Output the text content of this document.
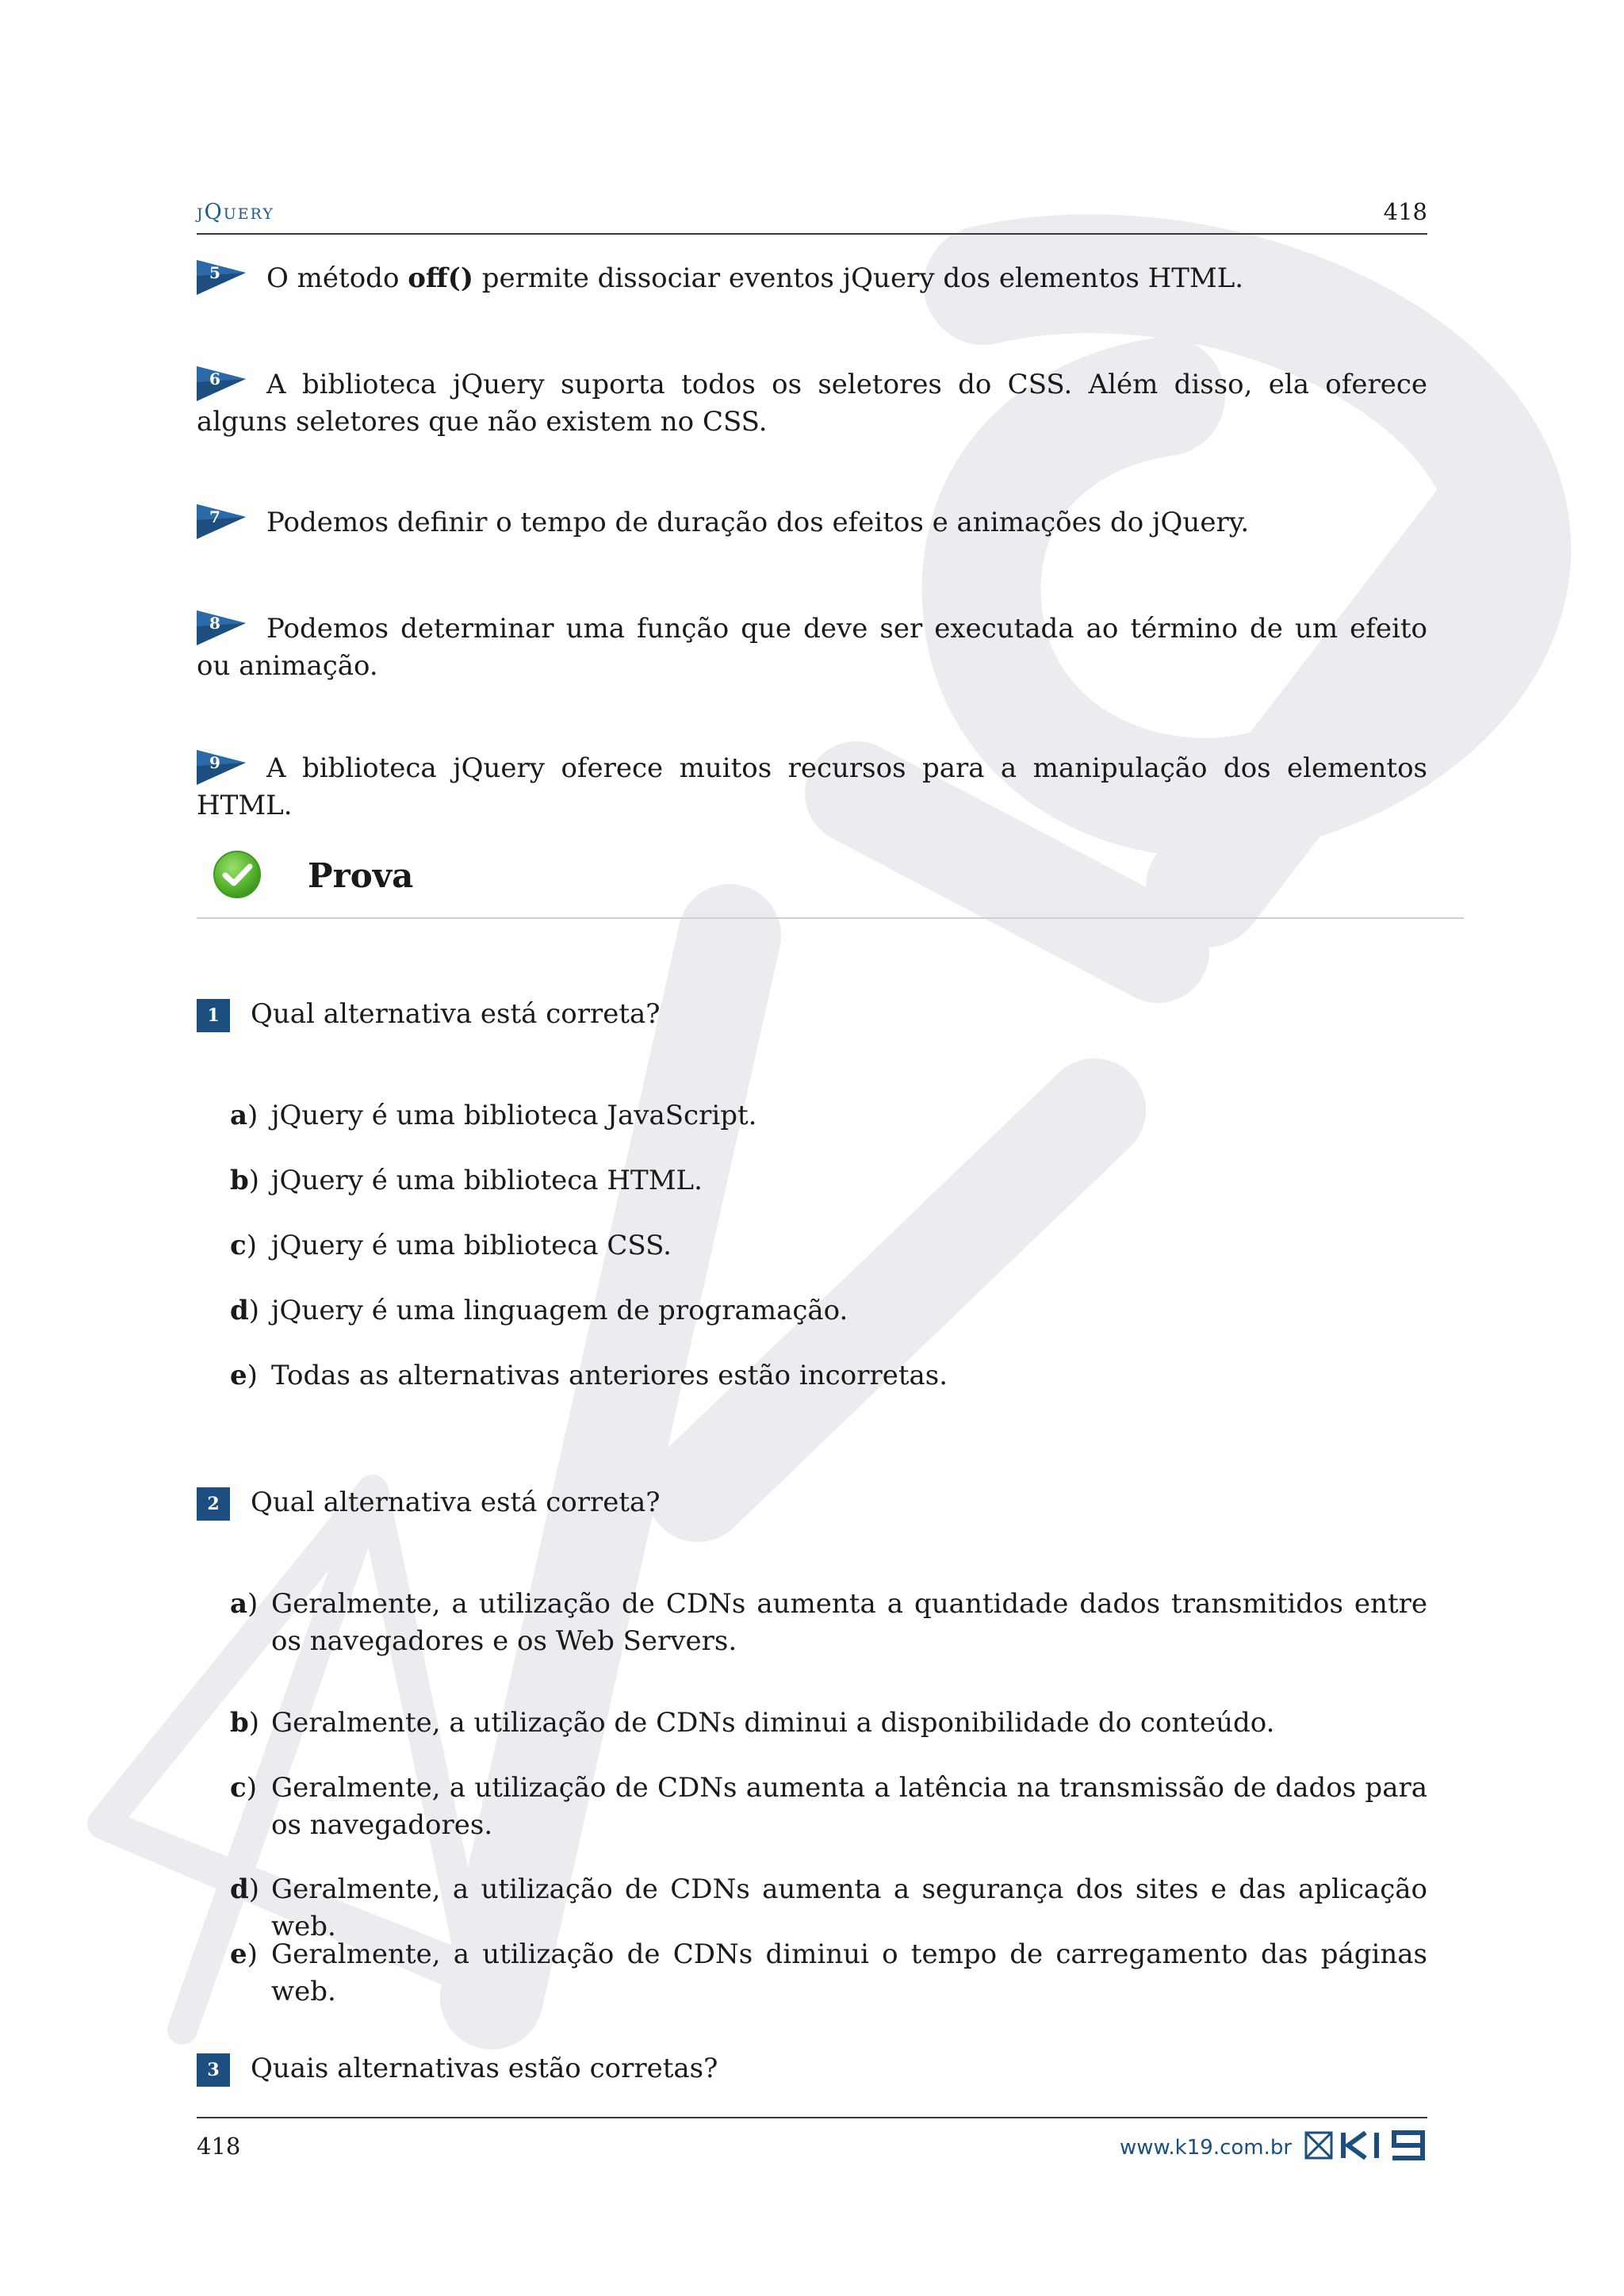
jQuery	418
5	O método off() permite dissociar eventos jQuery dos elementos HTML.
6	A biblioteca jQuery suporta todos os seletores do CSS. Além disso, ela oferece alguns seletores que não existem no CSS.
7	Podemos definir o tempo de duração dos efeitos e animações do jQuery.
8	Podemos determinar uma função que deve ser executada ao término de um efeito ou animação.
9	A biblioteca jQuery oferece muitos recursos para a manipulação dos elementos HTML.
Prova
1	Qual alternativa está correta?
a) jQuery é uma biblioteca JavaScript.
b) jQuery é uma biblioteca HTML.
c) jQuery é uma biblioteca CSS.
d) jQuery é uma linguagem de programação.
e) Todas as alternativas anteriores estão incorretas.
2	Qual alternativa está correta?
a) Geralmente, a utilização de CDNs aumenta a quantidade dados transmitidos entre os navegadores e os Web Servers.
b) Geralmente, a utilização de CDNs diminui a disponibilidade do conteúdo.
c) Geralmente, a utilização de CDNs aumenta a latência na transmissão de dados para os navegadores.
d) Geralmente, a utilização de CDNs aumenta a segurança dos sites e das aplicação web.
e) Geralmente, a utilização de CDNs diminui o tempo de carregamento das páginas web.
3	Quais alternativas estão corretas?
418	www.k19.com.br
